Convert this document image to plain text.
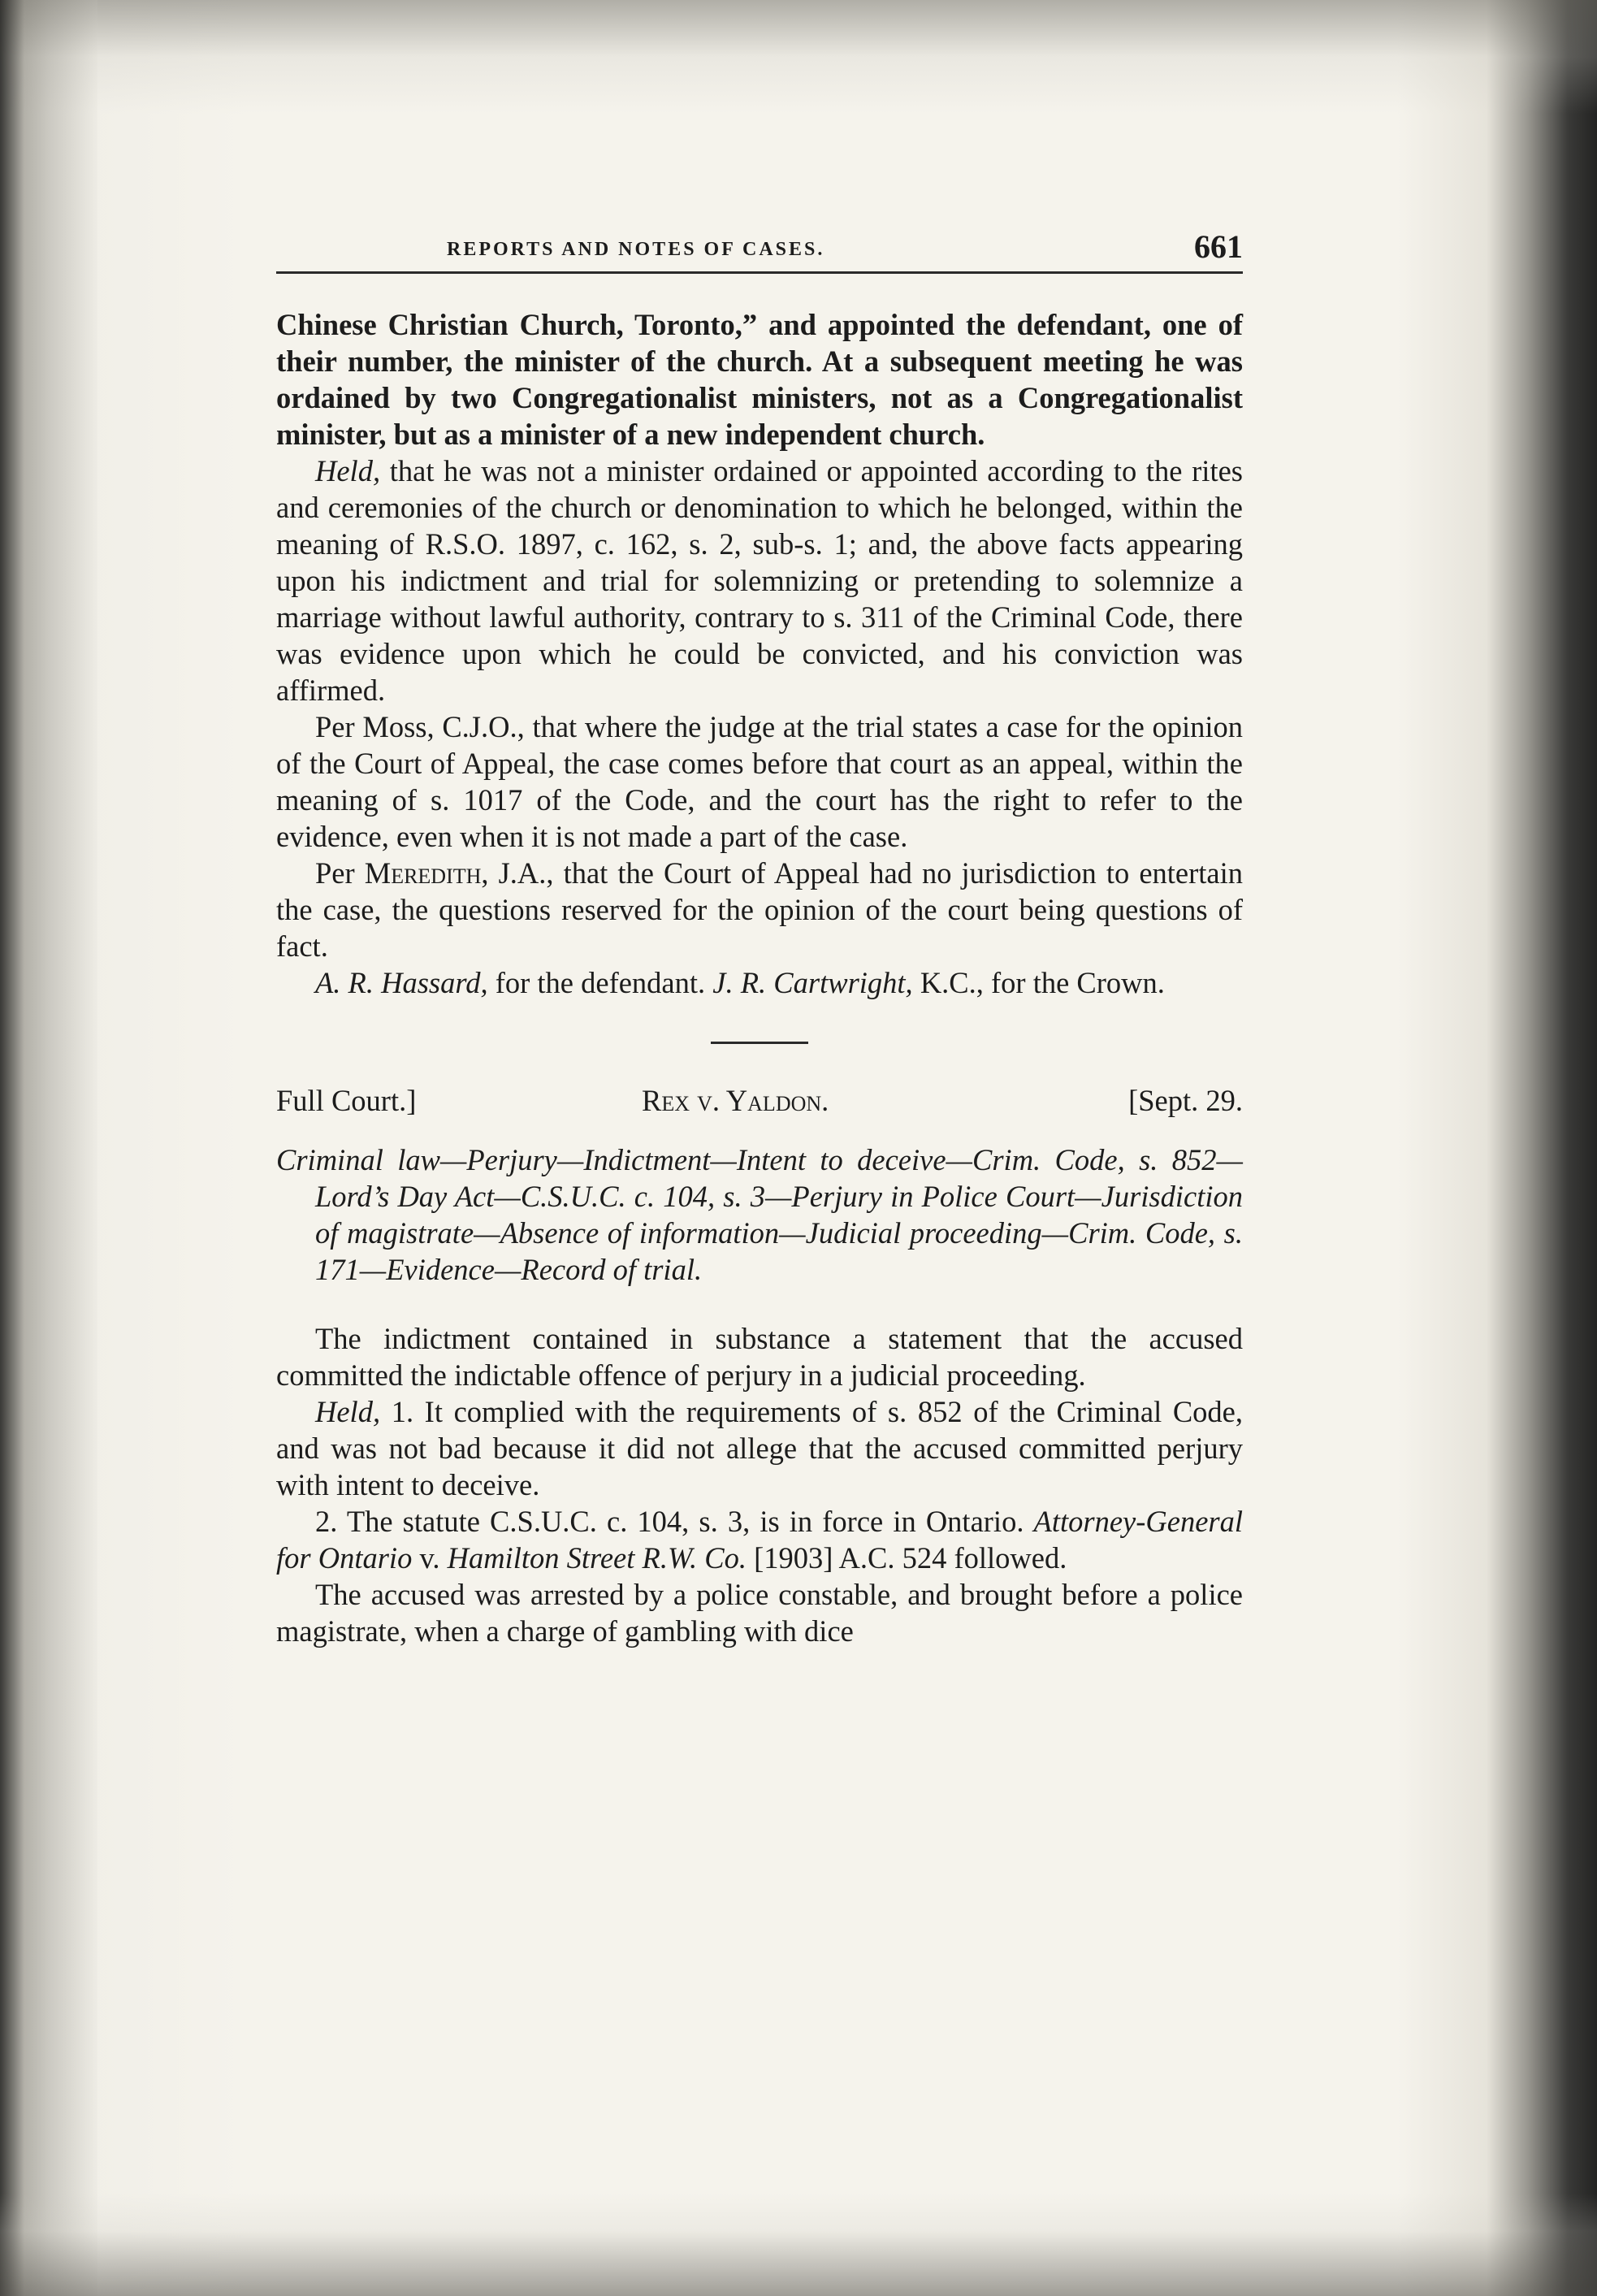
REPORTS AND NOTES OF CASES.	661

Chinese Christian Church, Toronto,” and appointed the defendant, one of their number, the minister of the church. At a subsequent meeting he was ordained by two Congregationalist ministers, not as a Congregationalist minister, but as a minister of a new independent church.

Held, that he was not a minister ordained or appointed according to the rites and ceremonies of the church or denomination to which he belonged, within the meaning of R.S.O. 1897, c. 162, s. 2, sub-s. 1; and, the above facts appearing upon his indictment and trial for solemnizing or pretending to solemnize a marriage without lawful authority, contrary to s. 311 of the Criminal Code, there was evidence upon which he could be convicted, and his conviction was affirmed.

Per Moss, C.J.O., that where the judge at the trial states a case for the opinion of the Court of Appeal, the case comes before that court as an appeal, within the meaning of s. 1017 of the Code, and the court has the right to refer to the evidence, even when it is not made a part of the case.

Per Meredith, J.A., that the Court of Appeal had no jurisdiction to entertain the case, the questions reserved for the opinion of the court being questions of fact.

A. R. Hassard, for the defendant. J. R. Cartwright, K.C., for the Crown.

Full Court.]	Rex v. Yaldon.	[Sept. 29.
Criminal law—Perjury—Indictment—Intent to deceive—Crim. Code, s. 852—Lord’s Day Act—C.S.U.C. c. 104, s. 3—Perjury in Police Court—Jurisdiction of magistrate—Absence of information—Judicial proceeding—Crim. Code, s. 171—Evidence—Record of trial.

The indictment contained in substance a statement that the accused committed the indictable offence of perjury in a judicial proceeding.

Held, 1. It complied with the requirements of s. 852 of the Criminal Code, and was not bad because it did not allege that the accused committed perjury with intent to deceive.

2. The statute C.S.U.C. c. 104, s. 3, is in force in Ontario. Attorney-General for Ontario v. Hamilton Street R.W. Co. [1903] A.C. 524 followed.

The accused was arrested by a police constable, and brought before a police magistrate, when a charge of gambling with dice
